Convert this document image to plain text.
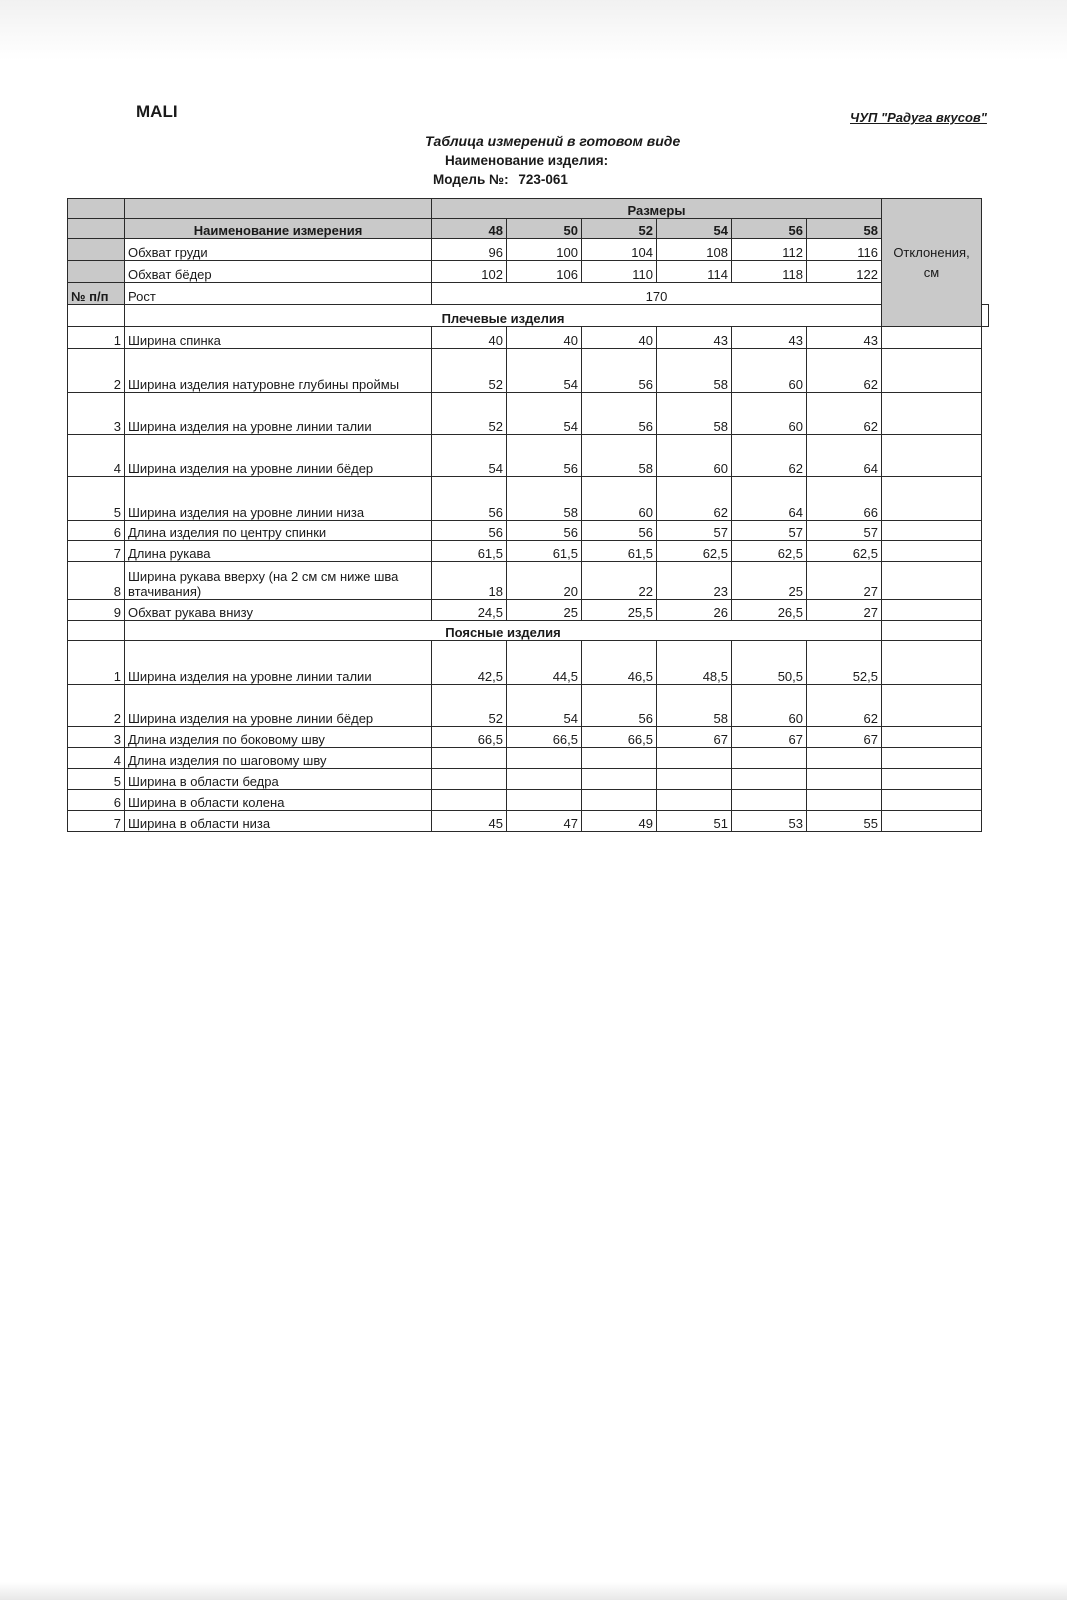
MALI	ЧУП "Радуга вкусов"
Таблица измерений в готовом виде
Наименование изделия:
Модель №: 723-061
		Размеры						Отклонения, см	
	Наименование измерения	48	50	52	54	56	58		
	Обхват груди	96	100	104	108	112	116		
	Обхват бёдер	102	106	110	114	118	122		
№ п/п	Рост	170							
	Плечевые изделия								
1	Ширина спинка	40	40	40	43	43	43		
2	Ширина изделия натуровне глубины проймы	52	54	56	58	60	62		
3	Ширина изделия на уровне линии талии	52	54	56	58	60	62		
4	Ширина изделия на уровне линии бёдер	54	56	58	60	62	64		
5	Ширина изделия на уровне линии низа	56	58	60	62	64	66		
6	Длина изделия по центру спинки	56	56	56	57	57	57		
7	Длина рукава	61,5	61,5	61,5	62,5	62,5	62,5		
8	Ширина рукава вверху (на 2 см см ниже шва втачивания)	18	20	22	23	25	27		
9	Обхват рукава внизу	24,5	25	25,5	26	26,5	27		
	Поясные изделия								
1	Ширина изделия на уровне линии талии	42,5	44,5	46,5	48,5	50,5	52,5		
2	Ширина изделия на уровне линии бёдер	52	54	56	58	60	62		
3	Длина изделия по боковому шву	66,5	66,5	66,5	67	67	67		
4	Длина изделия по шаговому шву								
5	Ширина в области бедра								
6	Ширина в области колена								
7	Ширина в области низа	45	47	49	51	53	55		
